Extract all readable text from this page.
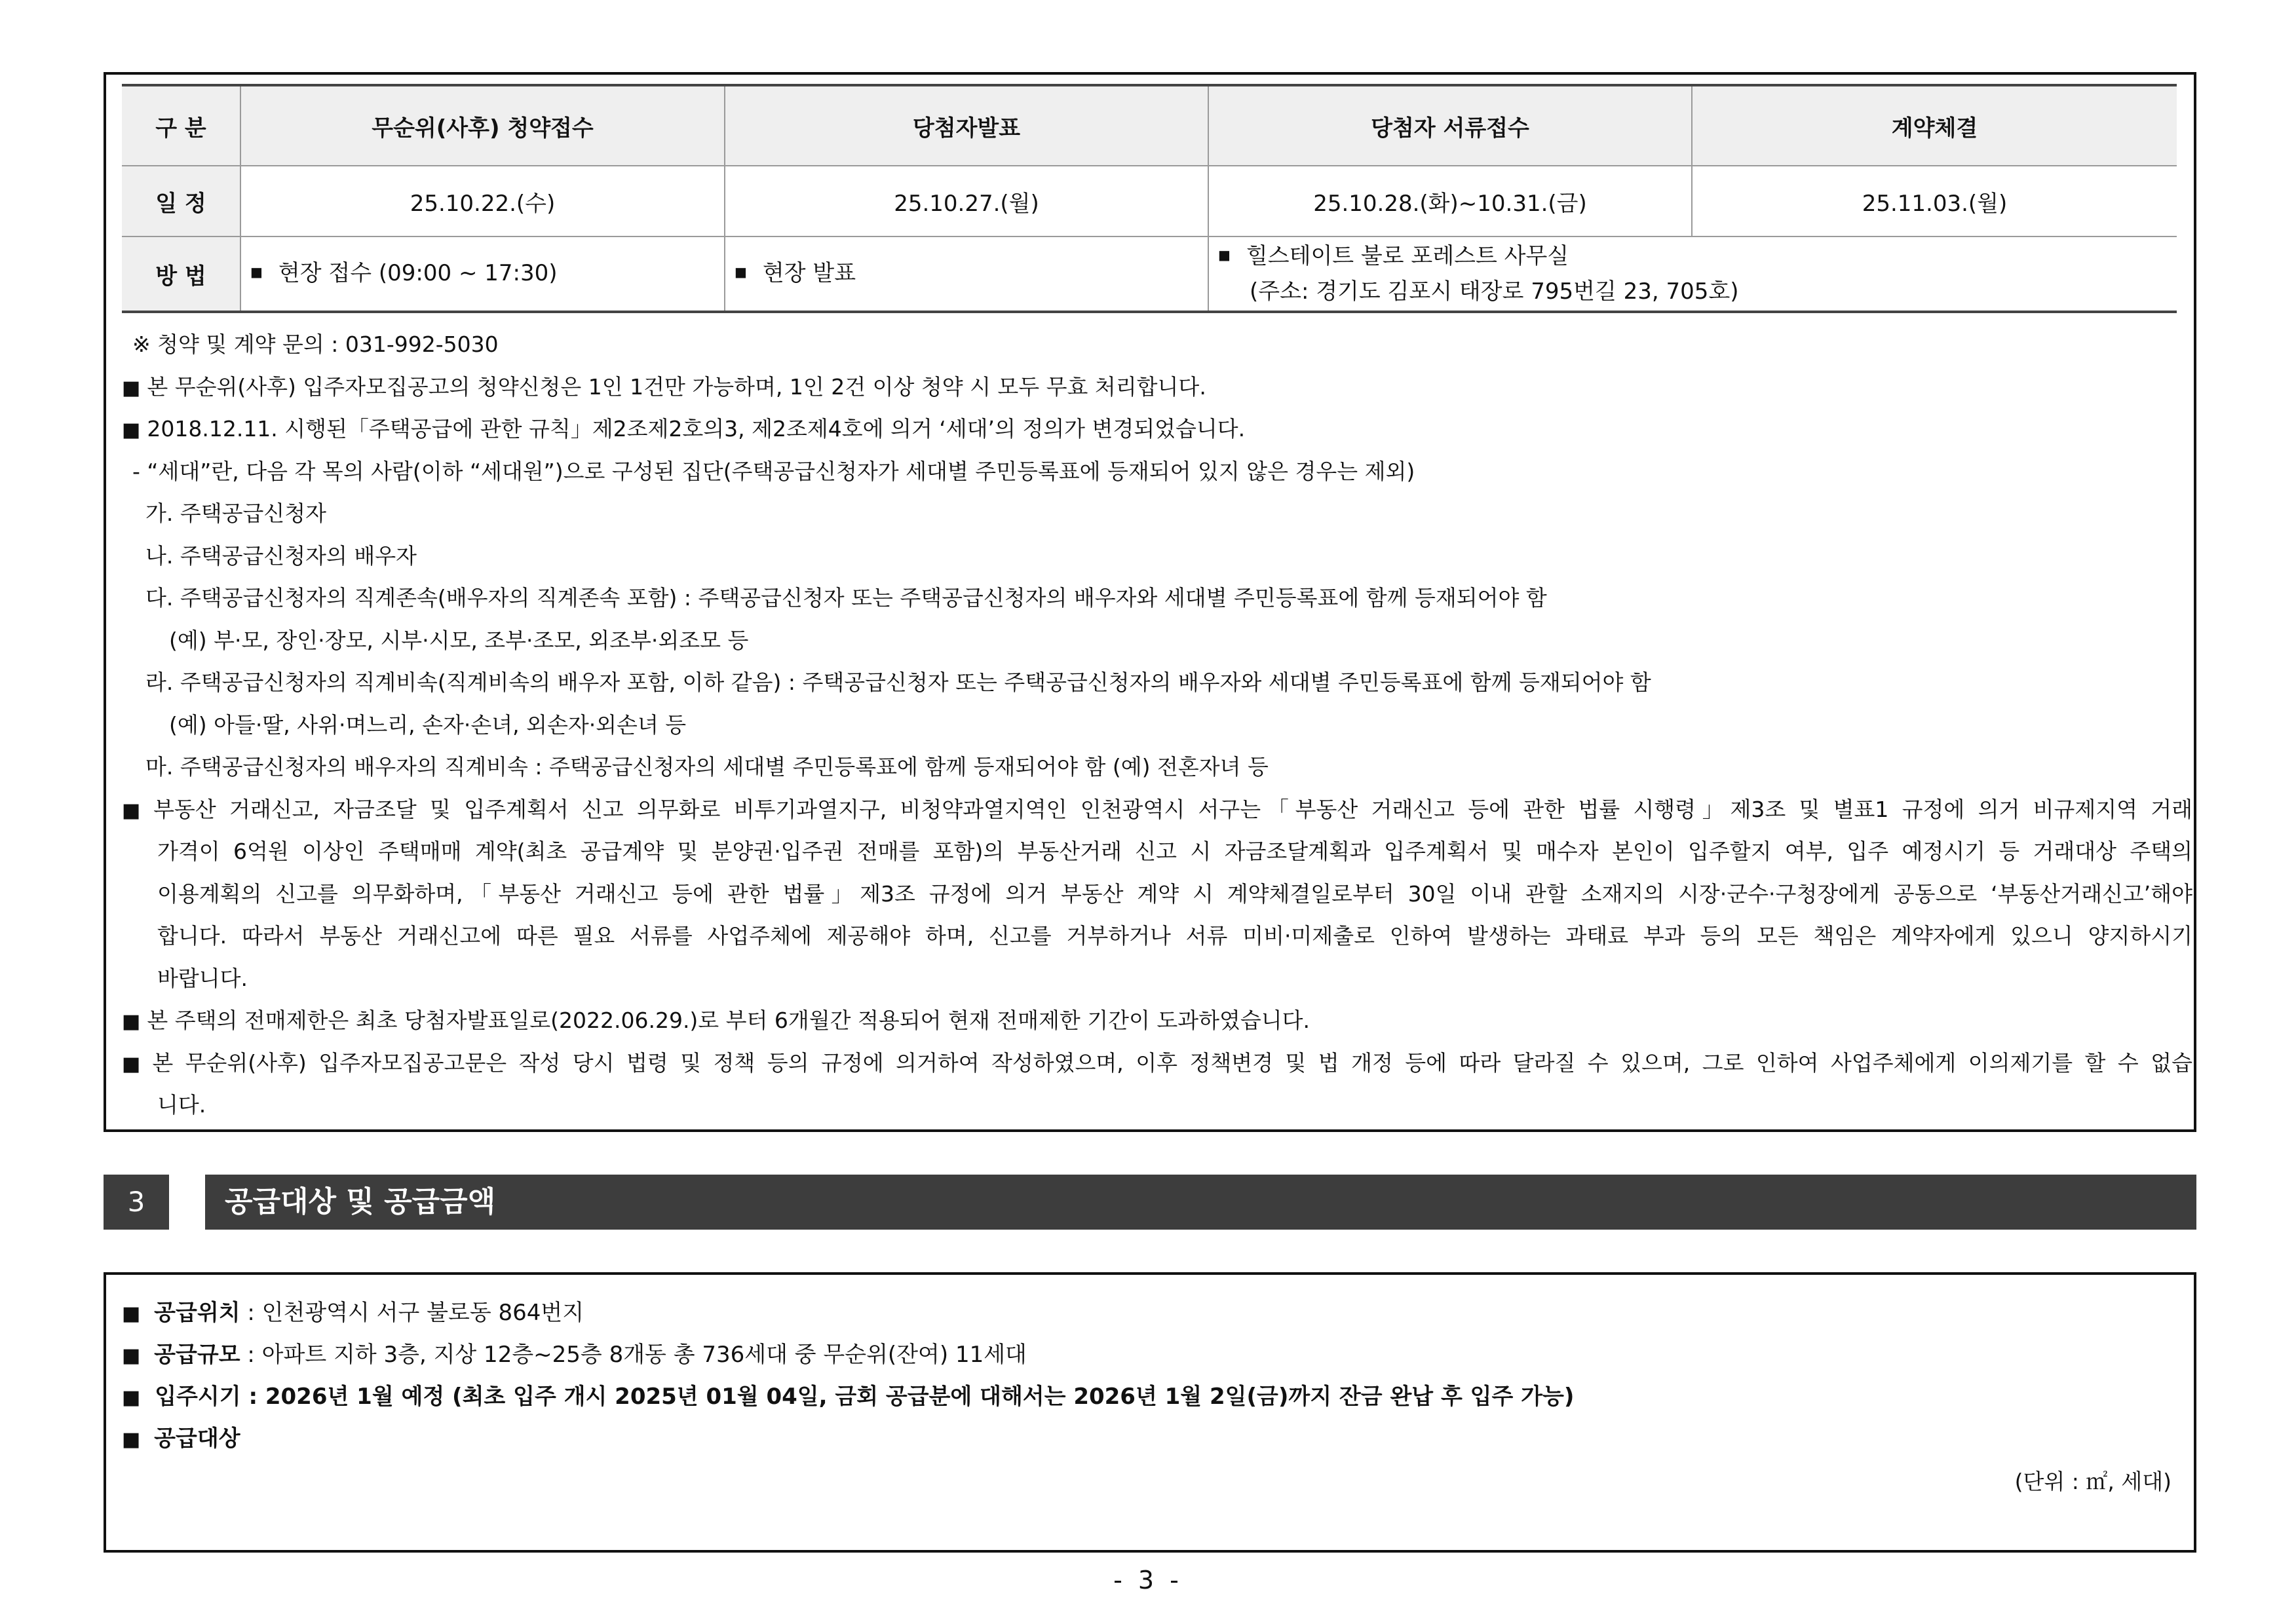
구 분	무순위(사후) 청약접수	당첨자발표	당첨자 서류접수	계약체결
일 정	25.10.22.(수)	25.10.27.(월)	25.10.28.(화)~10.31.(금)	25.11.03.(월)
방 법	■ 현장 접수 (09:00 ~ 17:30)	■ 현장 발표	■ 힐스테이트 불로 포레스트 사무실
(주소: 경기도 김포시 태장로 795번길 23, 705호)	
※ 청약 및 계약 문의 : 031-992-5030
■ 본 무순위(사후) 입주자모집공고의 청약신청은 1인 1건만 가능하며, 1인 2건 이상 청약 시 모두 무효 처리합니다.
■ 2018.12.11. 시행된「주택공급에 관한 규칙」제2조제2호의3, 제2조제4호에 의거 ‘세대’의 정의가 변경되었습니다.
- “세대”란, 다음 각 목의 사람(이하 “세대원”)으로 구성된 집단(주택공급신청자가 세대별 주민등록표에 등재되어 있지 않은 경우는 제외)
가. 주택공급신청자
나. 주택공급신청자의 배우자
다. 주택공급신청자의 직계존속(배우자의 직계존속 포함) : 주택공급신청자 또는 주택공급신청자의 배우자와 세대별 주민등록표에 함께 등재되어야 함
(예) 부·모, 장인·장모, 시부·시모, 조부·조모, 외조부·외조모 등
라. 주택공급신청자의 직계비속(직계비속의 배우자 포함, 이하 같음) : 주택공급신청자 또는 주택공급신청자의 배우자와 세대별 주민등록표에 함께 등재되어야 함
(예) 아들·딸, 사위·며느리, 손자·손녀, 외손자·외손녀 등
마. 주택공급신청자의 배우자의 직계비속 : 주택공급신청자의 세대별 주민등록표에 함께 등재되어야 함 (예) 전혼자녀 등
■ 부동산 거래신고, 자금조달 및 입주계획서 신고 의무화로 비투기과열지구, 비청약과열지역인 인천광역시 서구는「부동산 거래신고 등에 관한 법률 시행령」제3조 및 별표1 규정에 의거 비규제지역 거래
가격이 6억원 이상인 주택매매 계약(최초 공급계약 및 분양권·입주권 전매를 포함)의 부동산거래 신고 시 자금조달계획과 입주계획서 및 매수자 본인이 입주할지 여부, 입주 예정시기 등 거래대상 주택의
이용계획의 신고를 의무화하며,「부동산 거래신고 등에 관한 법률」제3조 규정에 의거 부동산 계약 시 계약체결일로부터 30일 이내 관할 소재지의 시장·군수·구청장에게 공동으로 ‘부동산거래신고’해야
합니다. 따라서 부동산 거래신고에 따른 필요 서류를 사업주체에 제공해야 하며, 신고를 거부하거나 서류 미비·미제출로 인하여 발생하는 과태료 부과 등의 모든 책임은 계약자에게 있으니 양지하시기
바랍니다.
■ 본 주택의 전매제한은 최초 당첨자발표일로(2022.06.29.)로 부터 6개월간 적용되어 현재 전매제한 기간이 도과하였습니다.
■ 본 무순위(사후) 입주자모집공고문은 작성 당시 법령 및 정책 등의 규정에 의거하여 작성하였으며, 이후 정책변경 및 법 개정 등에 따라 달라질 수 있으며, 그로 인하여 사업주체에게 이의제기를 할 수 없습
니다.
3	공급대상 및 공급금액
■ 공급위치 : 인천광역시 서구 불로동 864번지
■ 공급규모 : 아파트 지하 3층, 지상 12층~25층 8개동 총 736세대 중 무순위(잔여) 11세대
■ 입주시기 : 2026년 1월 예정 (최초 입주 개시 2025년 01월 04일, 금회 공급분에 대해서는 2026년 1월 2일(금)까지 잔금 완납 후 입주 가능)
■ 공급대상
(단위 : ㎡, 세대)
- 3 -
